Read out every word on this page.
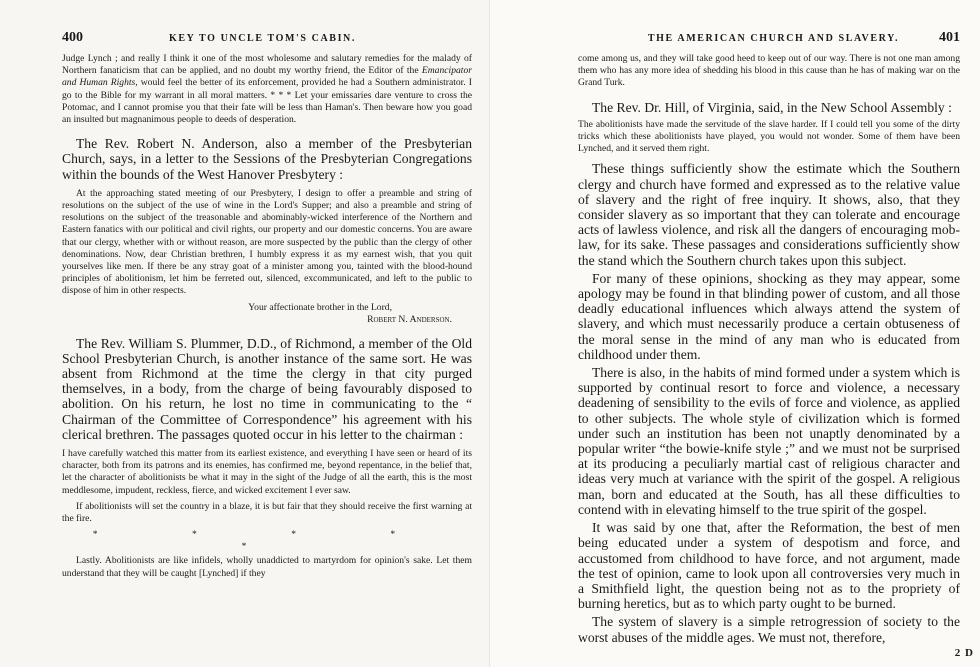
400	KEY TO UNCLE TOM'S CABIN.

Judge Lynch ; and really I think it one of the most wholesome and salutary remedies for the malady of Northern fanaticism that can be applied, and no doubt my worthy friend, the Editor of the Emancipator and Human Rights, would feel the better of its enforcement, provided he had a Southern administrator. I go to the Bible for my warrant in all moral matters. * * * Let your emissaries dare venture to cross the Potomac, and I cannot promise you that their fate will be less than Haman's. Then beware how you goad an insulted but magnanimous people to deeds of desperation.

The Rev. Robert N. Anderson, also a member of the Presbyterian Church, says, in a letter to the Sessions of the Presbyterian Congregations within the bounds of the West Hanover Presbytery :

At the approaching stated meeting of our Presbytery, I design to offer a preamble and string of resolutions on the subject of the use of wine in the Lord's Supper; and also a preamble and string of resolutions on the subject of the treasonable and abominably-wicked interference of the Northern and Eastern fanatics with our political and civil rights, our property and our domestic concerns. You are aware that our clergy, whether with or without reason, are more suspected by the public than the clergy of other denominations. Now, dear Christian brethren, I humbly express it as my earnest wish, that you quit yourselves like men. If there be any stray goat of a minister among you, tainted with the blood-hound principles of abolitionism, let him be ferreted out, silenced, excommunicated, and left to the public to dispose of him in other respects.

Your affectionate brother in the Lord,

Robert N. Anderson.

The Rev. William S. Plummer, D.D., of Richmond, a member of the Old School Presbyterian Church, is another instance of the same sort. He was absent from Richmond at the time the clergy in that city purged themselves, in a body, from the charge of being favourably disposed to abolition. On his return, he lost no time in communicating to the “ Chairman of the Committee of Correspondence” his agreement with his clerical brethren. The passages quoted occur in his letter to the chairman :

I have carefully watched this matter from its earliest existence, and everything I have seen or heard of its character, both from its patrons and its enemies, has confirmed me, beyond repentance, in the belief that, let the character of abolitionists be what it may in the sight of the Judge of all the earth, this is the most meddlesome, impudent, reckless, fierce, and wicked excitement I ever saw.

If abolitionists will set the country in a blaze, it is but fair that they should receive the first warning at the fire.

* * * * *

Lastly. Abolitionists are like infidels, wholly unaddicted to martyrdom for opinion's sake. Let them understand that they will be caught [Lynched] if they

THE AMERICAN CHURCH AND SLAVERY.	401

come among us, and they will take good heed to keep out of our way. There is not one man among them who has any more idea of shedding his blood in this cause than he has of making war on the Grand Turk.

The Rev. Dr. Hill, of Virginia, said, in the New School Assembly :

The abolitionists have made the servitude of the slave harder. If I could tell you some of the dirty tricks which these abolitionists have played, you would not wonder. Some of them have been Lynched, and it served them right.

These things sufficiently show the estimate which the Southern clergy and church have formed and expressed as to the relative value of slavery and the right of free inquiry. It shows, also, that they consider slavery as so important that they can tolerate and encourage acts of lawless violence, and risk all the dangers of encouraging mob-law, for its sake. These passages and considerations sufficiently show the stand which the Southern church takes upon this subject.

For many of these opinions, shocking as they may appear, some apology may be found in that blinding power of custom, and all those deadly educational influences which always attend the system of slavery, and which must necessarily produce a certain obtuseness of the moral sense in the mind of any man who is educated from childhood under them.

There is also, in the habits of mind formed under a system which is supported by continual resort to force and violence, a necessary deadening of sensibility to the evils of force and violence, as applied to other subjects. The whole style of civilization which is formed under such an institution has been not unaptly denominated by a popular writer “the bowie-knife style ;” and we must not be surprised at its producing a peculiarly martial cast of religious character and ideas very much at variance with the spirit of the gospel. A religious man, born and educated at the South, has all these difficulties to contend with in elevating himself to the true spirit of the gospel.

It was said by one that, after the Reformation, the best of men being educated under a system of despotism and force, and accustomed from childhood to have force, and not argument, made the test of opinion, came to look upon all controversies very much in a Smithfield light, the question being not as to the propriety of burning heretics, but as to which party ought to be burned.

The system of slavery is a simple retrogression of society to the worst abuses of the middle ages. We must not, therefore,

2 D
